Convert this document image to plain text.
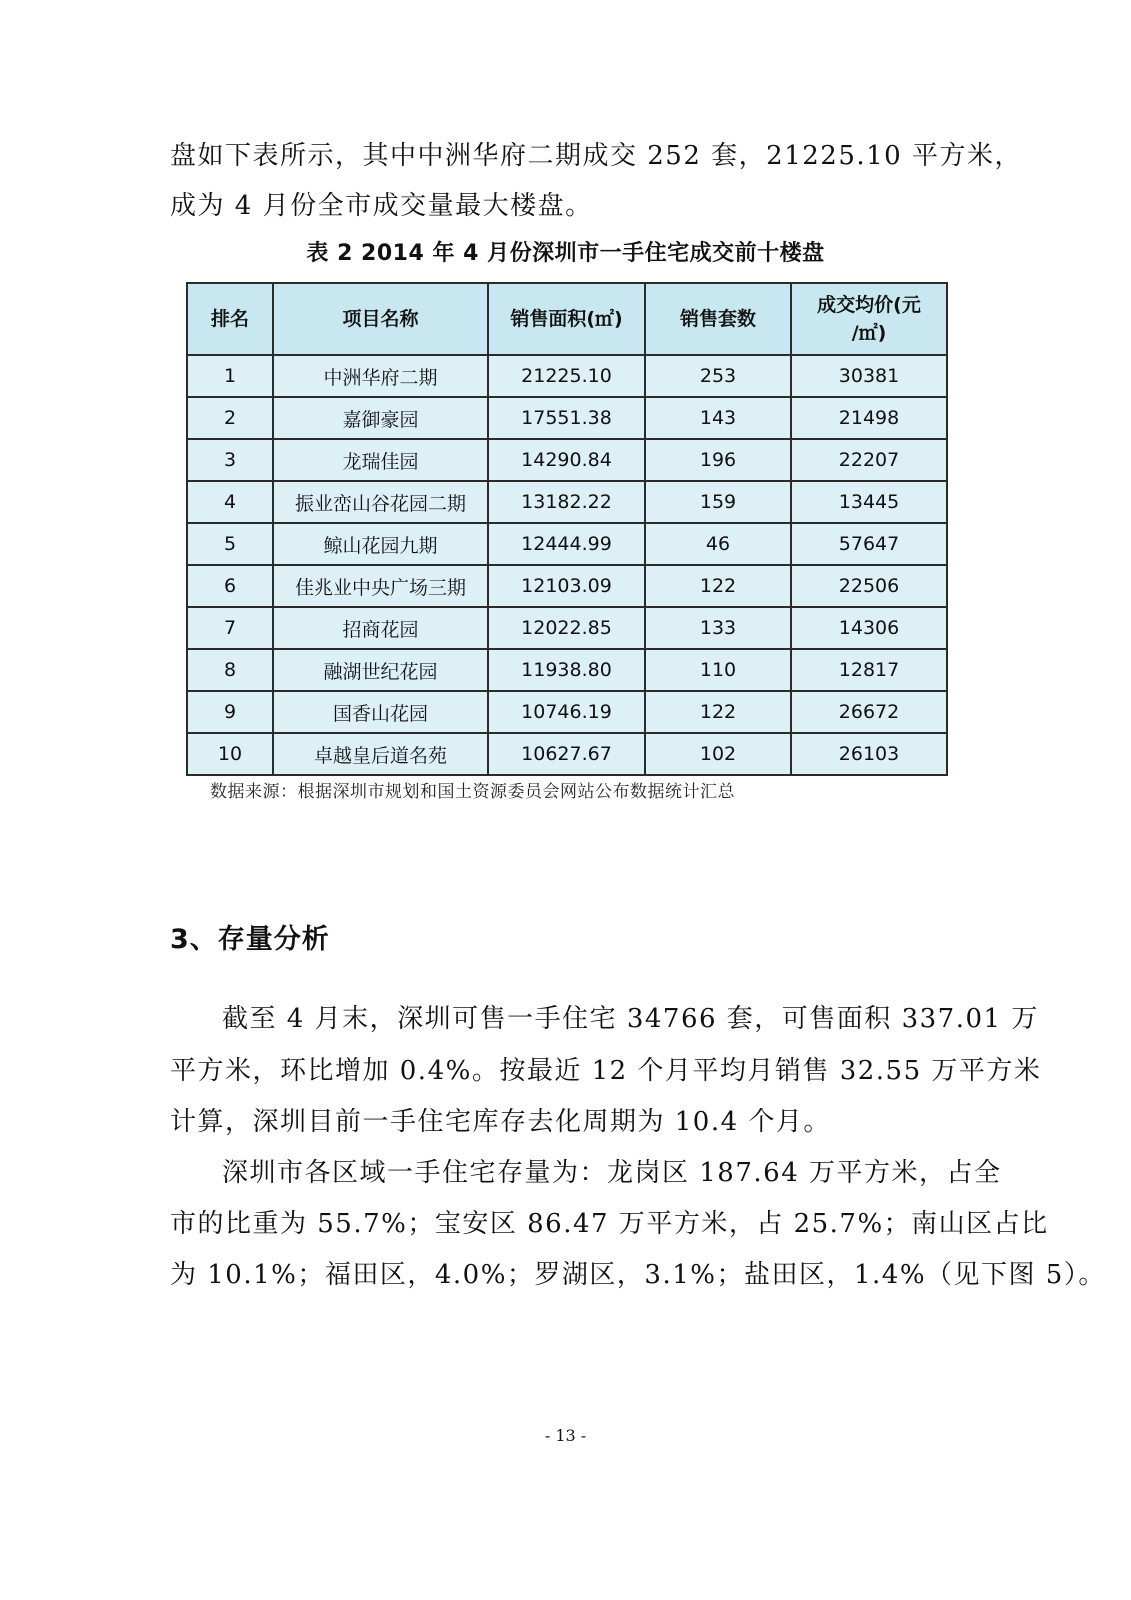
盘如下表所示，其中中洲华府二期成交 252 套，21225.10 平方米，
成为 4 月份全市成交量最大楼盘。
表 2 2014 年 4 月份深圳市一手住宅成交前十楼盘
排名	项目名称	销售面积(㎡)	销售套数	成交均价(元
/㎡)
1	中洲华府二期	21225.10	253	30381
2	嘉御豪园	17551.38	143	21498
3	龙瑞佳园	14290.84	196	22207
4	振业峦山谷花园二期	13182.22	159	13445
5	鲸山花园九期	12444.99	46	57647
6	佳兆业中央广场三期	12103.09	122	22506
7	招商花园	12022.85	133	14306
8	融湖世纪花园	11938.80	110	12817
9	国香山花园	10746.19	122	26672
10	卓越皇后道名苑	10627.67	102	26103
数据来源：根据深圳市规划和国土资源委员会网站公布数据统计汇总
3、存量分析
截至 4 月末，深圳可售一手住宅 34766 套，可售面积 337.01 万
平方米，环比增加 0.4%。按最近 12 个月平均月销售 32.55 万平方米
计算，深圳目前一手住宅库存去化周期为 10.4 个月。
深圳市各区域一手住宅存量为：龙岗区 187.64 万平方米，占全
市的比重为 55.7%；宝安区 86.47 万平方米，占 25.7%；南山区占比
为 10.1%；福田区，4.0%；罗湖区，3.1%；盐田区，1.4%（见下图 5）。
- 13 -
